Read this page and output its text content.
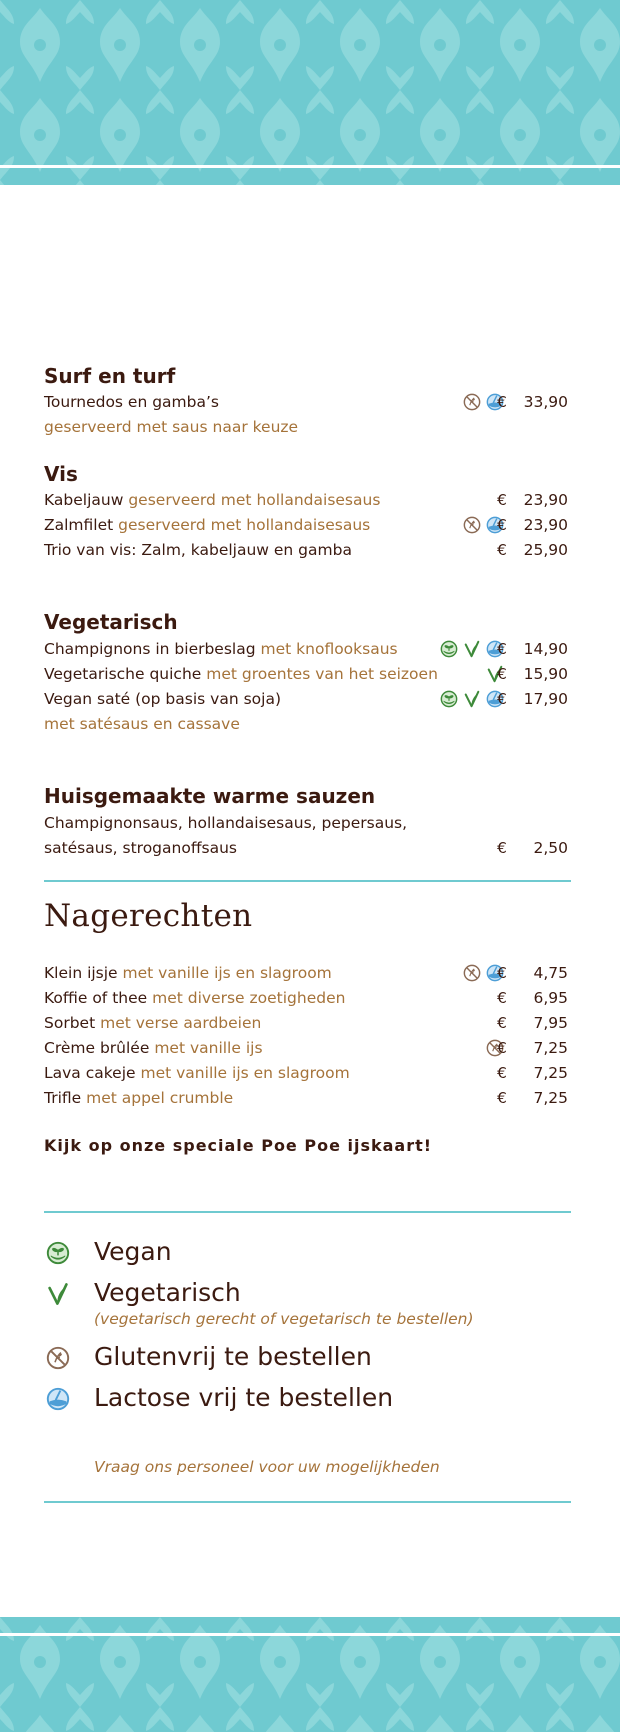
Surf en turf
Tournedos en gamba’s	€ 33,90
geserveerd met saus naar keuze
Vis
Kabeljauw geserveerd met hollandaisesaus	€ 23,90
Zalmfilet geserveerd met hollandaisesaus	€ 23,90
Trio van vis: Zalm, kabeljauw en gamba	€ 25,90
Vegetarisch
Champignons in bierbeslag met knoflooksaus	€ 14,90
Vegetarische quiche met groentes van het seizoen	€ 15,90
Vegan saté (op basis van soja)	€ 17,90
met satésaus en cassave
Huisgemaakte warme sauzen
Champignonsaus, hollandaisesaus, pepersaus,
satésaus, stroganoffsaus	€ 2,50
Nagerechten
Klein ijsje met vanille ijs en slagroom	€ 4,75
Koffie of thee met diverse zoetigheden	€ 6,95
Sorbet met verse aardbeien	€ 7,95
Crème brûlée met vanille ijs	€ 7,25
Lava cakeje met vanille ijs en slagroom	€ 7,25
Trifle met appel crumble	€ 7,25
Kijk op onze speciale Poe Poe ijskaart!
Vegan
Vegetarisch
(vegetarisch gerecht of vegetarisch te bestellen)
Glutenvrij te bestellen
Lactose vrij te bestellen
Vraag ons personeel voor uw mogelijkheden
